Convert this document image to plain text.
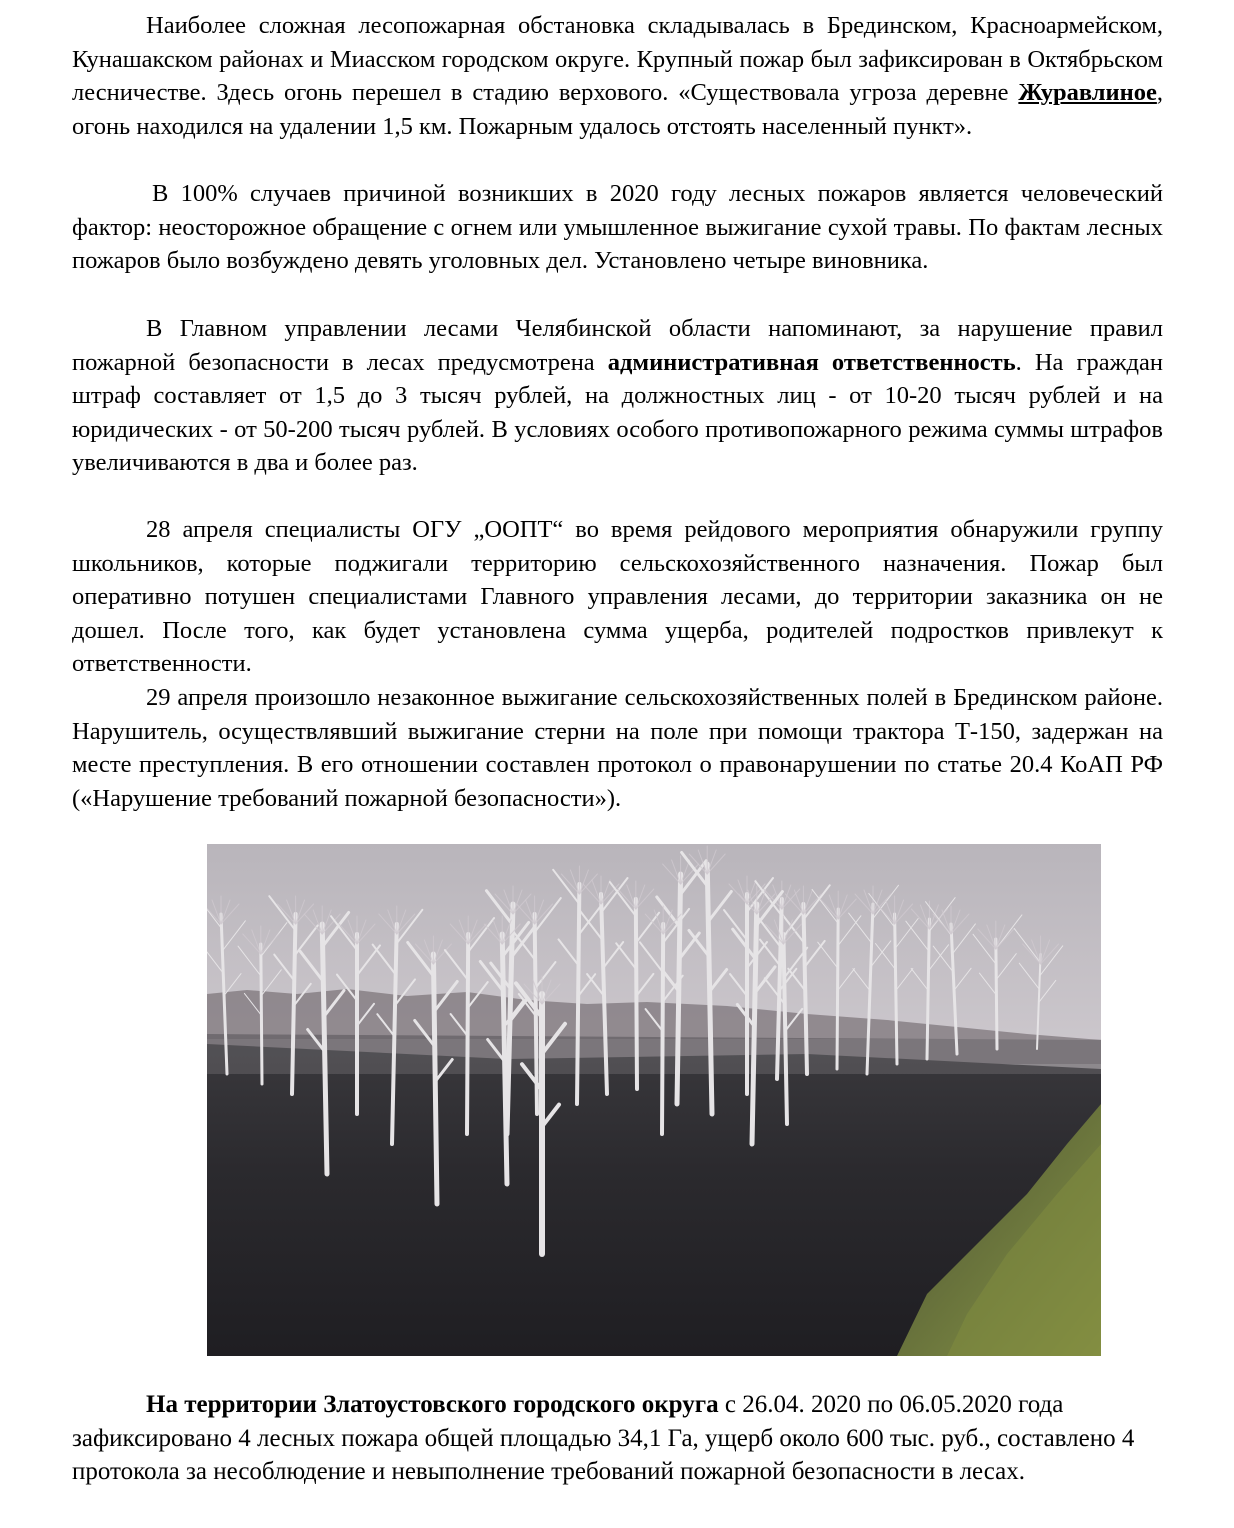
Наиболее сложная лесопожарная обстановка складывалась в Брединском, Красноармейском, Кунашакском районах и Миасском городском округе. Крупный пожар был зафиксирован в Октябрьском лесничестве. Здесь огонь перешел в стадию верхового. «Существовала угроза деревне Журавлиное, огонь находился на удалении 1,5 км. Пожарным удалось отстоять населенный пункт».

В 100% случаев причиной возникших в 2020 году лесных пожаров является человеческий фактор: неосторожное обращение с огнем или умышленное выжигание сухой травы. По фактам лесных пожаров было возбуждено девять уголовных дел. Установлено четыре виновника.

В Главном управлении лесами Челябинской области напоминают, за нарушение правил пожарной безопасности в лесах предусмотрена административная ответственность. На граждан штраф составляет от 1,5 до 3 тысяч рублей, на должностных лиц - от 10-20 тысяч рублей и на юридических - от 50-200 тысяч рублей. В условиях особого противопожарного режима суммы штрафов увеличиваются в два и более раз.

28 апреля специалисты ОГУ „ООПТ“ во время рейдового мероприятия обнаружили группу школьников, которые поджигали территорию сельскохозяйственного назначения. Пожар был оперативно потушен специалистами Главного управления лесами, до территории заказника он не дошел. После того, как будет установлена сумма ущерба, родителей подростков привлекут к ответственности.

29 апреля произошло незаконное выжигание сельскохозяйственных полей в Брединском районе. Нарушитель, осуществлявший выжигание стерни на поле при помощи трактора Т-150, задержан на месте преступления. В его отношении составлен протокол о правонарушении по статье 20.4 КоАП РФ («Нарушение требований пожарной безопасности»).

На территории Златоустовского городского округа с 26.04. 2020 по 06.05.2020 года зафиксировано 4 лесных пожара общей площадью 34,1 Га, ущерб около 600 тыс. руб., составлено 4 протокола за несоблюдение и невыполнение требований пожарной безопасности в лесах.
